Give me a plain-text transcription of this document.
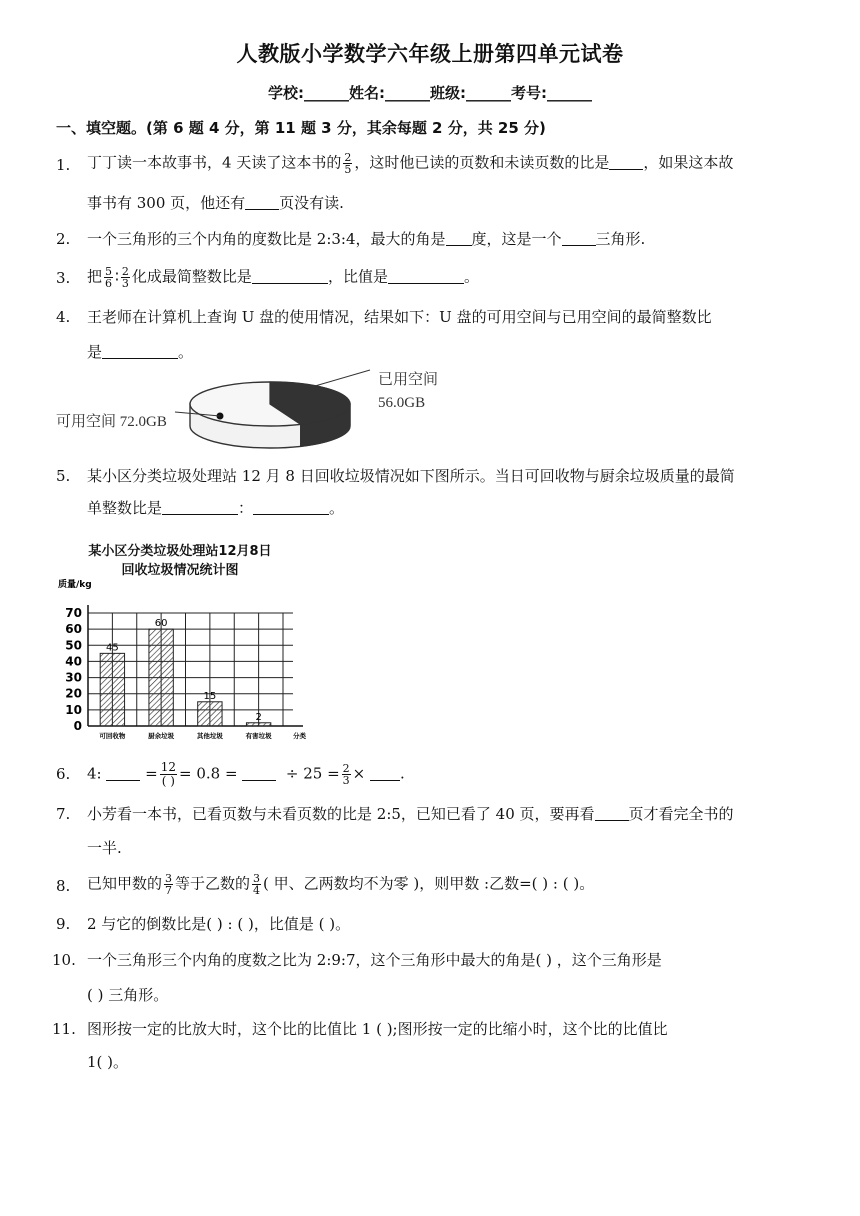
人教版小学数学六年级上册第四单元试卷
学校:______姓名:______班级:______考号:______
一、填空题。(第 6 题 4 分，第 11 题 3 分，其余每题 2 分，共 25 分)
1. 丁丁读一本故事书，4 天读了这本书的 $\frac{2}{5}$ ，这时他已读的页数和未读页数的比是 ，如果这本故
事书有 300 页，他还有 页没有读.
2. 一个三角形的三个内角的度数比是 2:3:4，最大的角是 度，这是一个 三角形.
3. 把 $\frac{5}{6}$ ∶ $\frac{2}{3}$ 化成最简整数比是	，比值是	。
4. 王老师在计算机上查询 U 盘的使用情况，结果如下：U 盘的可用空间与已用空间的最简整数比
是	。
已用空间
56.0GB
可用空间 72.0GB
5. 某小区分类垃圾处理站 12 月 8 日回收垃圾情况如下图所示。当日可回收物与厨余垃圾质量的最简
单整数比是	：	。
某小区分类垃圾处理站12月8日
回收垃圾情况统计图
质量/kg
0
10
20
30
40
50
60
70
45
可回收物
60
厨余垃圾
15
其他垃圾
2
有害垃圾	分类
6. 4:	= $\frac{12}{( )} = 0.8$ =	÷ $25 = \frac{2}{3}$ × .
7. 小芳看一本书，已看页数与未看页数的比是 2:5，已知已看了 40 页，要再看 页才看完全书的
一半.
8. 已知甲数的 $\frac{3}{7}$ 等于乙数的 $\frac{3}{4}$ ( 甲、乙两数均不为零 )，则甲数 :乙数=( ) : ( )。
9. 2 与它的倒数比是( ) : ( )，比值是 ( )。
10. 一个三角形三个内角的度数之比为 2:9:7，这个三角形中最大的角是( ) ，这个三角形是
( ) 三角形。
11. 图形按一定的比放大时，这个比的比值比 1 ( );图形按一定的比缩小时，这个比的比值比
1( )。
